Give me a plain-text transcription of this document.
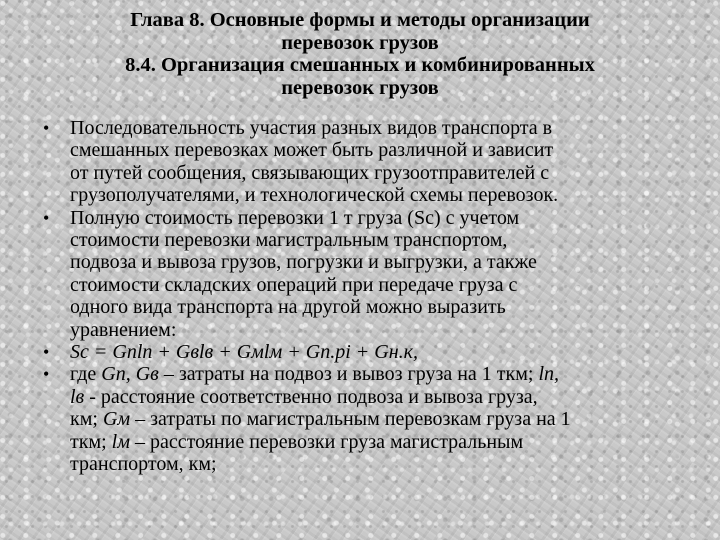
Глава 8. Основные формы и методы организации
перевозок грузов
8.4. Организация смешанных и комбинированных
перевозок грузов
• Последовательность участия разных видов транспорта в
смешанных перевозках может быть различной и зависит
от путей сообщения, связывающих грузоотправителей с
грузополучателями, и технологической схемы перевозок.
• Полную стоимость перевозки 1 т груза (Sс) с учетом
стоимости перевозки магистральным транспортом,
подвоза и вывоза грузов, погрузки и выгрузки, а также
стоимости складских операций при передаче груза с
одного вида транспорта на другой можно выразить
уравнением:
• Sс = Gпlп + Gвlв + Gмlм + Gп.рi + Gн.к,
• где Gп, Gв – затраты на подвоз и вывоз груза на 1 ткм; lп,
lв - расстояние соответственно подвоза и вывоза груза,
км; Gм – затраты по магистральным перевозкам груза на 1
ткм; lм – расстояние перевозки груза магистральным
транспортом, км;
